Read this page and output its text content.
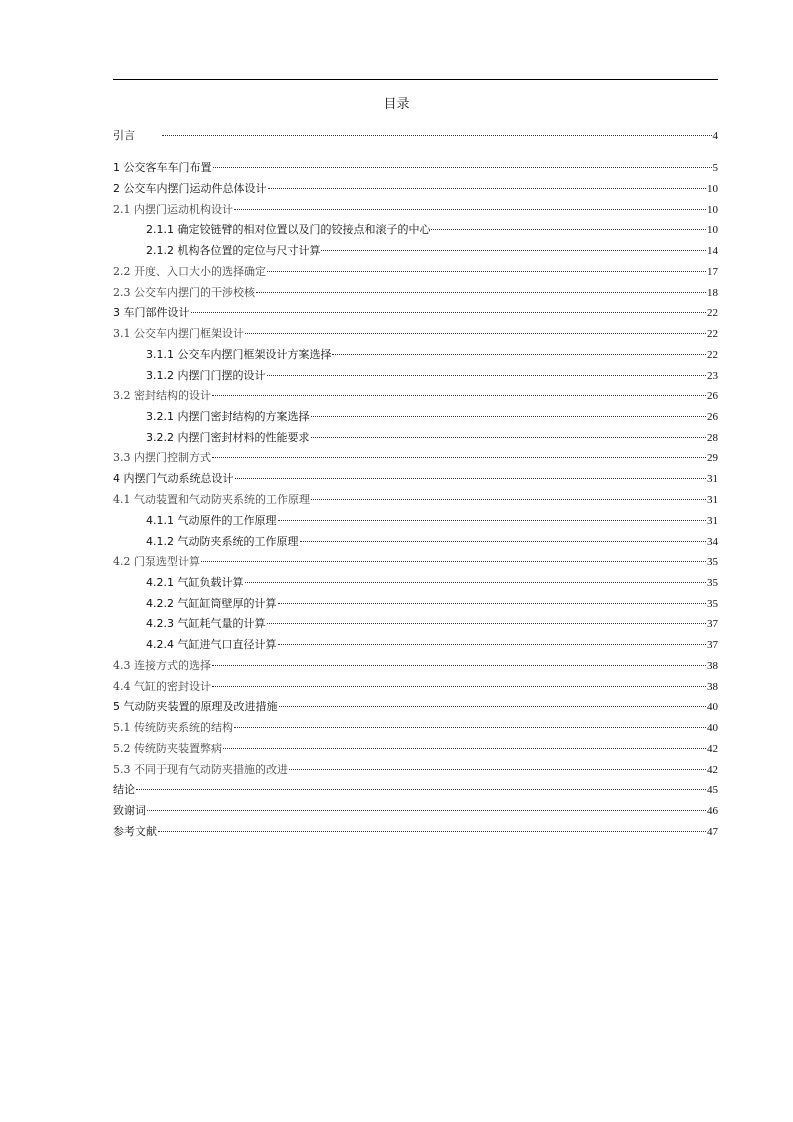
目录
引言	4
1 公交客车车门布置	5
2 公交车内摆门运动件总体设计	10
2.1 内摆门运动机构设计	10
2.1.1 确定铰链臂的相对位置以及门的铰接点和滚子的中心	10
2.1.2 机构各位置的定位与尺寸计算	14
2.2 开度、入口大小的选择确定	17
2.3 公交车内摆门的干涉校核	18
3 车门部件设计	22
3.1 公交车内摆门框架设计	22
3.1.1 公交车内摆门框架设计方案选择	22
3.1.2 内摆门门摆的设计	23
3.2 密封结构的设计	26
3.2.1 内摆门密封结构的方案选择	26
3.2.2 内摆门密封材料的性能要求	28
3.3 内摆门控制方式	29
4 内摆门气动系统总设计	31
4.1 气动装置和气动防夹系统的工作原理	31
4.1.1 气动原件的工作原理	31
4.1.2 气动防夹系统的工作原理	34
4.2 门泵选型计算	35
4.2.1 气缸负载计算	35
4.2.2 气缸缸筒壁厚的计算	35
4.2.3 气缸耗气量的计算	37
4.2.4 气缸进气口直径计算	37
4.3 连接方式的选择	38
4.4 气缸的密封设计	38
5 气动防夹装置的原理及改进措施	40
5.1 传统防夹系统的结构	40
5.2 传统防夹装置弊病	42
5.3 不同于现有气动防夹措施的改进	42
结论	45
致谢词	46
参考文献	47
